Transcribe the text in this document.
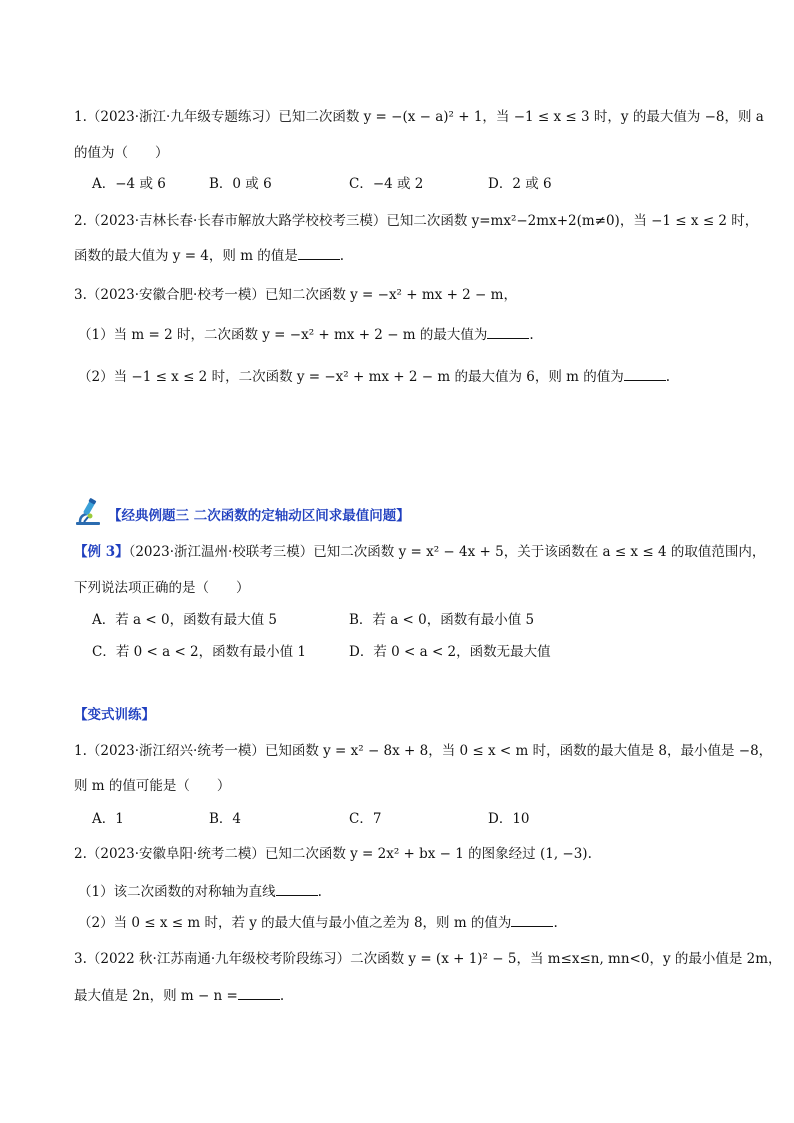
1.（2023·浙江·九年级专题练习）已知二次函数 y = −(x − a)² + 1，当 −1 ≤ x ≤ 3 时，y 的最大值为 −8，则 a
的值为（　　）
A．−4 或 6	B．0 或 6	C．−4 或 2	D．2 或 6
2.（2023·吉林长春·长春市解放大路学校校考三模）已知二次函数 y=mx²−2mx+2(m≠0)，当 −1 ≤ x ≤ 2 时，
函数的最大值为 y = 4，则 m 的值是	.
3.（2023·安徽合肥·校考一模）已知二次函数 y = −x² + mx + 2 − m，
（1）当 m = 2 时，二次函数 y = −x² + mx + 2 − m 的最大值为	.
（2）当 −1 ≤ x ≤ 2 时，二次函数 y = −x² + mx + 2 − m 的最大值为 6，则 m 的值为	.
【经典例题三 二次函数的定轴动区间求最值问题】
【例 3】（2023·浙江温州·校联考三模）已知二次函数 y = x² − 4x + 5，关于该函数在 a ≤ x ≤ 4 的取值范围内，
下列说法项正确的是（　　）
A．若 a < 0，函数有最大值 5	B．若 a < 0，函数有最小值 5
C．若 0 < a < 2，函数有最小值 1	D．若 0 < a < 2，函数无最大值
【变式训练】
1.（2023·浙江绍兴·统考一模）已知函数 y = x² − 8x + 8，当 0 ≤ x < m 时，函数的最大值是 8，最小值是 −8，
则 m 的值可能是（　　）
A．1	B．4	C．7	D．10
2.（2023·安徽阜阳·统考二模）已知二次函数 y = 2x² + bx − 1 的图象经过 (1, −3).
（1）该二次函数的对称轴为直线	.
（2）当 0 ≤ x ≤ m 时，若 y 的最大值与最小值之差为 8，则 m 的值为	.
3.（2022 秋·江苏南通·九年级校考阶段练习）二次函数 y = (x + 1)² − 5，当 m≤x≤n, mn<0，y 的最小值是 2m，
最大值是 2n，则 m − n =	.
